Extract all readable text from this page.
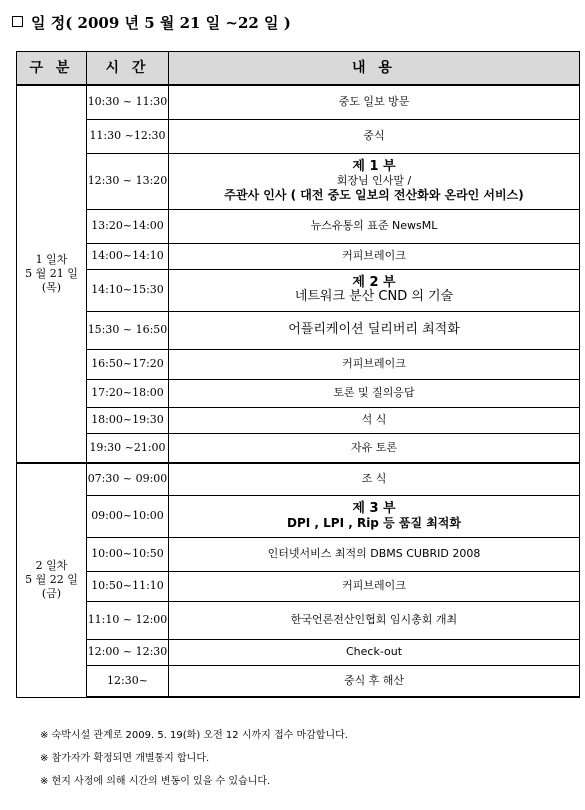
일 정( 2009 년 5 월 21 일 ~22 일 )
구 분	시 간	내 용

1 일차
5 월 21 일
(목)	10:30 ~ 11:30	중도 일보 방문

	11:30 ~12:30	중식

	12:30 ~ 13:20	제 1 부
회장님 인사말 /
주관사 인사 ( 대전 중도 일보의 전산화와 온라인 서비스)

	13:20~14:00	뉴스유통의 표준 NewsML

	14:00~14:10	커피브레이크

	14:10~15:30	제 2 부
네트워크 분산 CND 의 기술

	15:30 ~ 16:50	어플리케이션 딜리버리 최적화

	16:50~17:20	커피브레이크

	17:20~18:00	토론 및 질의응답

	18:00~19:30	석 식

	19:30 ~21:00	자유 토론

2 일차
5 월 22 일
(금)	07:30 ~ 09:00	조 식

	09:00~10:00	제 3 부
DPI , LPI , Rip 등 품질 최적화

	10:00~10:50	인터넷서비스 최적의 DBMS CUBRID 2008

	10:50~11:10	커피브레이크

	11:10 ~ 12:00	한국언론전산인협회 임시총회 개최

	12:00 ~ 12:30	Check-out

	12:30~	중식 후 해산
※ 숙박시설 관계로 2009. 5. 19(화) 오전 12 시까지 접수 마감합니다.
※ 참가자가 확정되면 개별통지 합니다.
※ 현지 사정에 의해 시간의 변동이 있을 수 있습니다.
